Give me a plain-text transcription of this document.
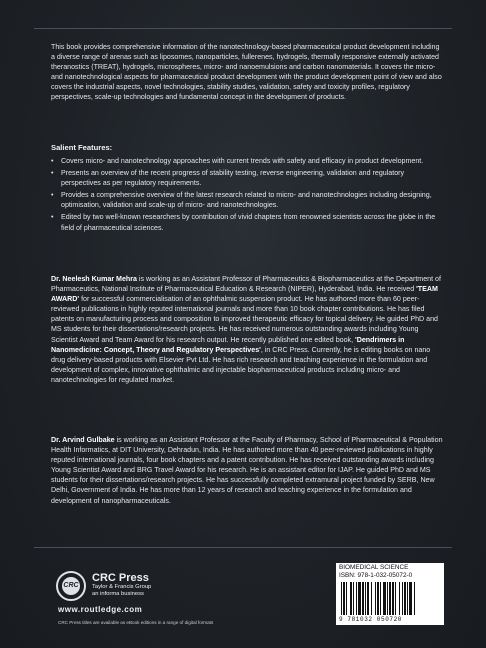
This book provides comprehensive information of the nanotechnology-based pharmaceutical product development including a diverse range of arenas such as liposomes, nanoparticles, fullerenes, hydrogels, thermally responsive externally activated theranostics (TREAT), hydrogels, microspheres, micro- and nanoemulsions and carbon nanomaterials. It covers the micro- and nanotechnological aspects for pharmaceutical product development with the product development point of view and also covers the industrial aspects, novel technologies, stability studies, validation, safety and toxicity profiles, regulatory perspectives, scale-up technologies and fundamental concept in the development of products.

Salient Features:

• Covers micro- and nanotechnology approaches with current trends with safety and efficacy in product development.
• Presents an overview of the recent progress of stability testing, reverse engineering, validation and regulatory perspectives as per regulatory requirements.
• Provides a comprehensive overview of the latest research related to micro- and nanotechnologies including designing, optimisation, validation and scale-up of micro- and nanotechnologies.
• Edited by two well-known researchers by contribution of vivid chapters from renowned scientists across the globe in the field of pharmaceutical sciences.

Dr. Neelesh Kumar Mehra is working as an Assistant Professor of Pharmaceutics & Biopharmaceutics at the Department of Pharmaceutics, National Institute of Pharmaceutical Education & Research (NIPER), Hyderabad, India. He received 'TEAM AWARD' for successful commercialisation of an ophthalmic suspension product. He has authored more than 60 peer-reviewed publications in highly reputed international journals and more than 10 book chapter contributions. He has filed patents on manufacturing process and composition to improved therapeutic efficacy for topical delivery. He guided PhD and MS students for their dissertations/research projects. He has received numerous outstanding awards including Young Scientist Award and Team Award for his research output. He recently published one edited book, 'Dendrimers in Nanomedicine: Concept, Theory and Regulatory Perspectives', in CRC Press. Currently, he is editing books on nano drug delivery-based products with Elsevier Pvt Ltd. He has rich research and teaching experience in the formulation and development of complex, innovative ophthalmic and injectable biopharmaceutical products including micro- and nanotechnologies for regulated market.

Dr. Arvind Gulbake is working as an Assistant Professor at the Faculty of Pharmacy, School of Pharmaceutical & Population Health Informatics, at DIT University, Dehradun, India. He has authored more than 40 peer-reviewed publications in highly reputed international journals, four book chapters and a patent contribution. He has received outstanding awards including Young Scientist Award and BRG Travel Award for his research. He is an assistant editor for IJAP. He guided PhD and MS students for their dissertations/research projects. He has successfully completed extramural project funded by SERB, New Delhi, Government of India. He has more than 12 years of research and teaching experience in the formulation and development of nanopharmaceuticals.

CRC
CRC Press
Taylor & Francis Group
an informa business
www.routledge.com
CRC Press titles are available as eBook editions in a range of digital formats
BIOMEDICAL SCIENCE
ISBN: 978-1-032-05072-0
9 781032 050720
